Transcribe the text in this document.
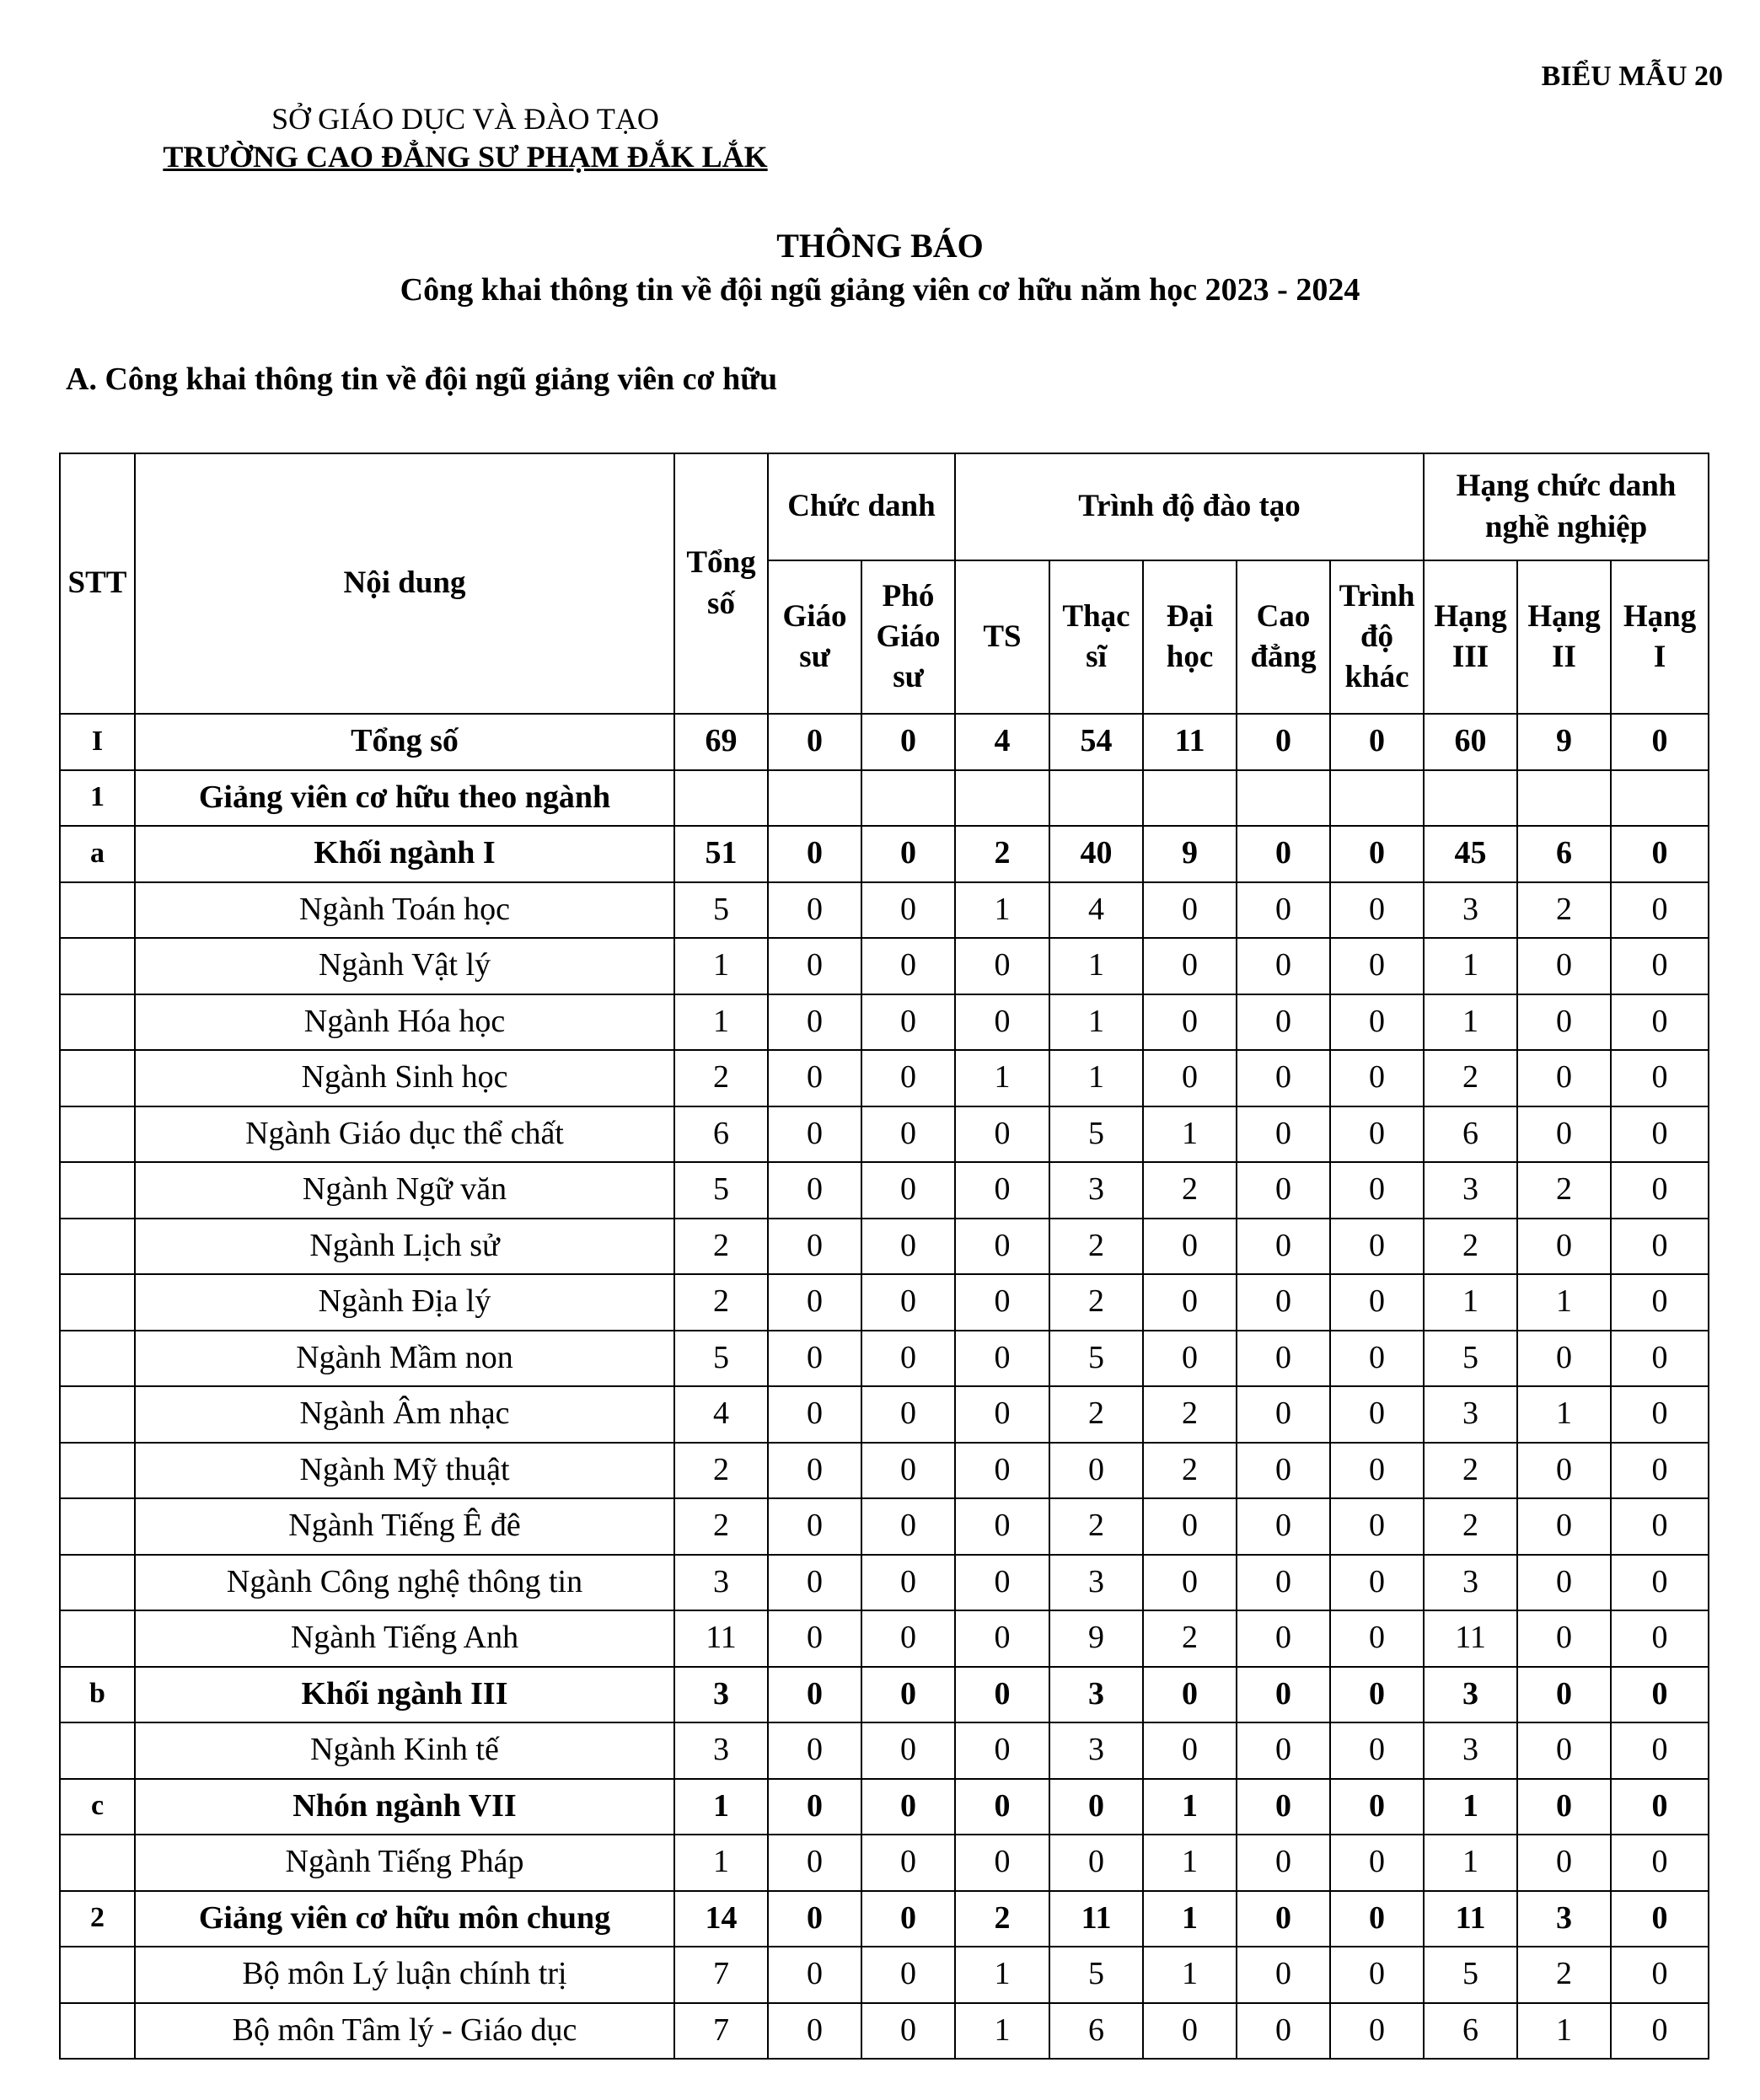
BIỂU MẪU 20
SỞ GIÁO DỤC VÀ ĐÀO TẠO
TRƯỜNG CAO ĐẲNG SƯ PHẠM ĐẮK LẮK
THÔNG BÁO
Công khai thông tin về đội ngũ giảng viên cơ hữu năm học 2023 - 2024
A. Công khai thông tin về đội ngũ giảng viên cơ hữu
STT	Nội dung	Tổng số	Chức danh		Trình độ đào tạo					Hạng chức danh nghề nghiệp		
			Giáo sư	Phó Giáo sư	TS	Thạc sĩ	Đại học	Cao đẳng	Trình độ khác	Hạng III	Hạng II	Hạng I
I	Tổng số	69	0	0	4	54	11	0	0	60	9	0
1	Giảng viên cơ hữu theo ngành											
a	Khối ngành I	51	0	0	2	40	9	0	0	45	6	0
	Ngành Toán học	5	0	0	1	4	0	0	0	3	2	0
	Ngành Vật lý	1	0	0	0	1	0	0	0	1	0	0
	Ngành Hóa học	1	0	0	0	1	0	0	0	1	0	0
	Ngành Sinh học	2	0	0	1	1	0	0	0	2	0	0
	Ngành Giáo dục thể chất	6	0	0	0	5	1	0	0	6	0	0
	Ngành Ngữ văn	5	0	0	0	3	2	0	0	3	2	0
	Ngành Lịch sử	2	0	0	0	2	0	0	0	2	0	0
	Ngành Địa lý	2	0	0	0	2	0	0	0	1	1	0
	Ngành Mầm non	5	0	0	0	5	0	0	0	5	0	0
	Ngành Âm nhạc	4	0	0	0	2	2	0	0	3	1	0
	Ngành Mỹ thuật	2	0	0	0	0	2	0	0	2	0	0
	Ngành Tiếng Ê đê	2	0	0	0	2	0	0	0	2	0	0
	Ngành Công nghệ thông tin	3	0	0	0	3	0	0	0	3	0	0
	Ngành Tiếng Anh	11	0	0	0	9	2	0	0	11	0	0
b	Khối ngành III	3	0	0	0	3	0	0	0	3	0	0
	Ngành Kinh tế	3	0	0	0	3	0	0	0	3	0	0
c	Nhón ngành VII	1	0	0	0	0	1	0	0	1	0	0
	Ngành Tiếng Pháp	1	0	0	0	0	1	0	0	1	0	0
2	Giảng viên cơ hữu môn chung	14	0	0	2	11	1	0	0	11	3	0
	Bộ môn Lý luận chính trị	7	0	0	1	5	1	0	0	5	2	0
	Bộ môn Tâm lý - Giáo dục	7	0	0	1	6	0	0	0	6	1	0
